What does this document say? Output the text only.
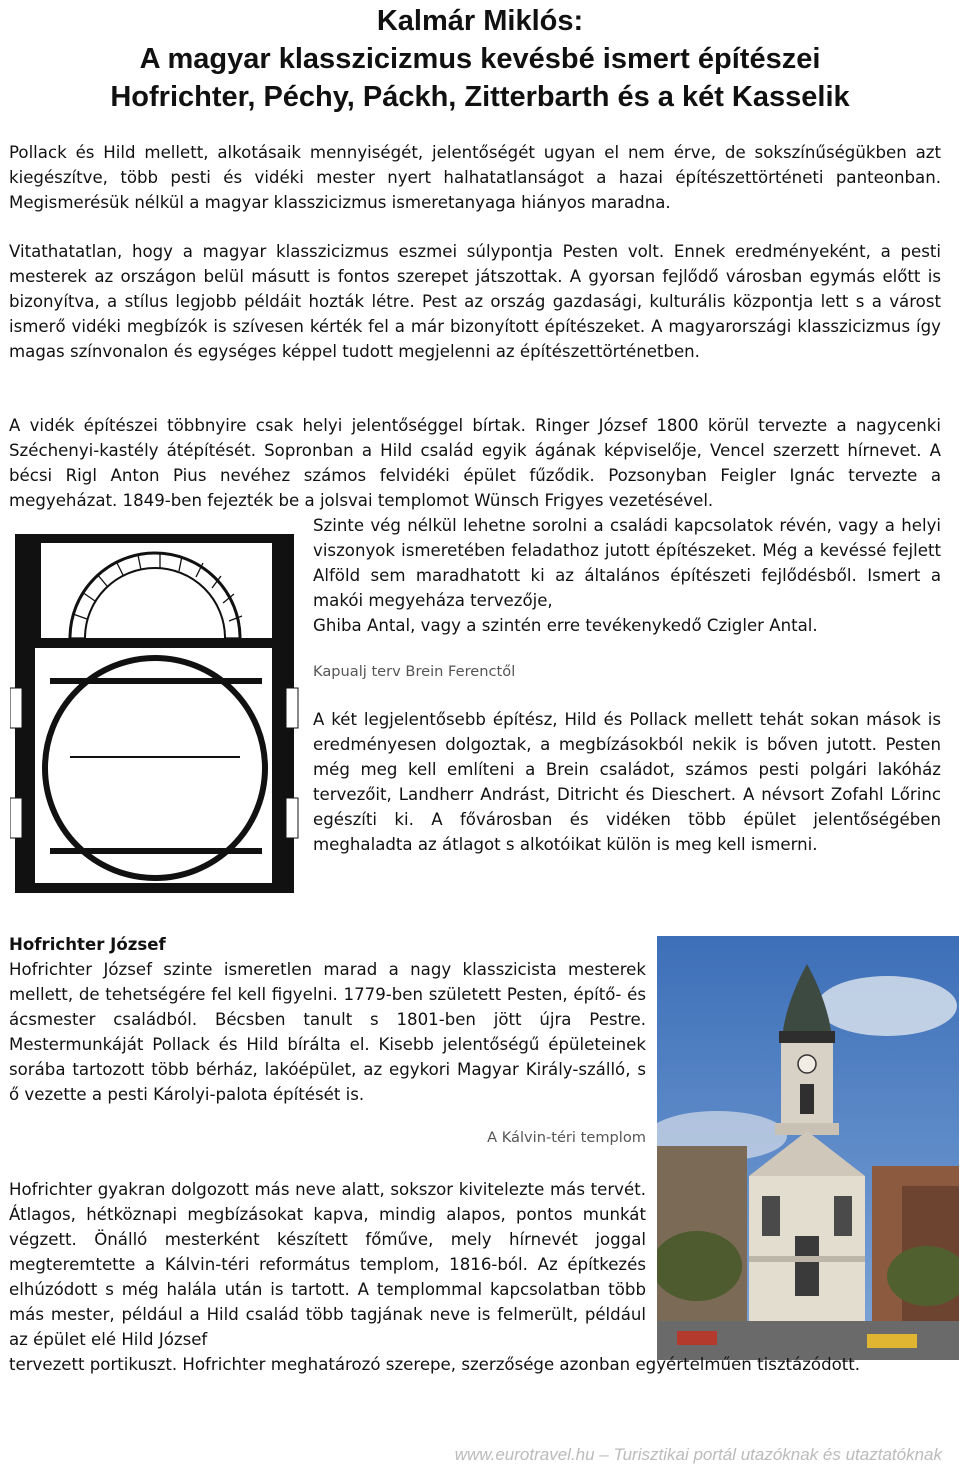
Kalmár Miklós:
A magyar klasszicizmus kevésbé ismert építészei
Hofrichter, Péchy, Páckh, Zitterbarth és a két Kasselik

Pollack és Hild mellett, alkotásaik mennyiségét, jelentőségét ugyan el nem érve, de sokszínűségükben azt kiegészítve, több pesti és vidéki mester nyert halhatatlanságot a hazai építészettörténeti panteonban. Megismerésük nélkül a magyar klasszicizmus ismeretanyaga hiányos maradna.

Vitathatatlan, hogy a magyar klasszicizmus eszmei súlypontja Pesten volt. Ennek eredményeként, a pesti mesterek az országon belül másutt is fontos szerepet játszottak. A gyorsan fejlődő városban egymás előtt is bizonyítva, a stílus legjobb példáit hozták létre. Pest az ország gazdasági, kulturális központja lett s a várost ismerő vidéki megbízók is szívesen kérték fel a már bizonyított építészeket. A magyarországi klasszicizmus így magas színvonalon és egységes képpel tudott megjelenni az építészettörténetben.

A vidék építészei többnyire csak helyi jelentőséggel bírtak. Ringer József 1800 körül tervezte a nagycenki Széchenyi-kastély átépítését. Sopronban a Hild család egyik ágának képviselője, Vencel szerzett hírnevet. A bécsi Rigl Anton Pius nevéhez számos felvidéki épület fűződik. Pozsonyban Feigler Ignác tervezte a megyeházat. 1849-ben fejezték be a jolsvai templomot Wünsch Frigyes vezetésével.

Szinte vég nélkül lehetne sorolni a családi kapcsolatok révén, vagy a helyi viszonyok ismeretében feladathoz jutott építészeket. Még a kevéssé fejlett Alföld sem maradhatott ki az általános építészeti fejlődésből. Ismert a makói megyeháza tervezője,

Ghiba Antal, vagy a szintén erre tevékenykedő Czigler Antal.

Kapualj terv Brein Ferenctől

A két legjelentősebb építész, Hild és Pollack mellett tehát sokan mások is eredményesen dolgoztak, a megbízásokból nekik is bőven jutott. Pesten még meg kell említeni a Brein családot, számos pesti polgári lakóház tervezőit, Landherr Andrást, Ditricht és Dieschert. A névsort Zofahl Lőrinc egészíti ki. A fővárosban és vidéken több épület jelentőségében meghaladta az átlagot s alkotóikat külön is meg kell ismerni.

Hofrichter József

Hofrichter József szinte ismeretlen marad a nagy klasszicista mesterek mellett, de tehetségére fel kell figyelni. 1779-ben született Pesten, építő- és ácsmester családból. Bécsben tanult s 1801-ben jött újra Pestre. Mestermunkáját Pollack és Hild bírálta el. Kisebb jelentőségű épületeinek sorába tartozott több bérház, lakóépület, az egykori Magyar Király-szálló, s ő vezette a pesti Károlyi-palota építését is.

A Kálvin-téri templom

Hofrichter gyakran dolgozott más neve alatt, sokszor kivitelezte más tervét. Átlagos, hétköznapi megbízásokat kapva, mindig alapos, pontos munkát végzett. Önálló mesterként készített főműve, mely hírnevét joggal megteremtette a Kálvin-téri református templom, 1816-ból. Az építkezés elhúzódott s még halála után is tartott. A templommal kapcsolatban több más mester, például a Hild család több tagjának neve is felmerült, például az épület elé Hild József

tervezett portikuszt. Hofrichter meghatározó szerepe, szerzősége azonban egyértelműen tisztázódott.

www.eurotravel.hu – Turisztikai portál utazóknak és utaztatóknak
